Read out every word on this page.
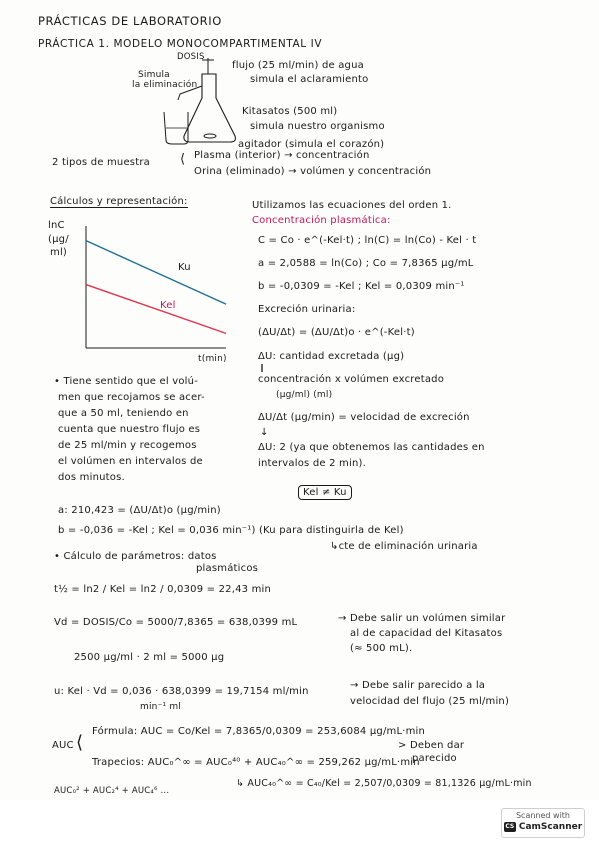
PRÁCTICAS DE LABORATORIO
PRÁCTICA 1. MODELO MONOCOMPARTIMENTAL IV
DOSIS
Simula
la eliminación
flujo (25 ml/min) de agua
simula el aclaramiento
Kitasatos (500 ml)
simula nuestro organismo
agitador (simula el corazón)
2 tipos de muestra ⟨ Plasma (interior) → concentración
Orina (eliminado) → volúmen y concentración
Cálculos y representación:
lnC
(µg/
ml)
Ku
Kel
t(min)
Utilizamos las ecuaciones del orden 1.
Concentración plasmática:
C = Co · e^(-Kel·t) ; ln(C) = ln(Co) - Kel · t
a = 2,0588 = ln(Co) ; Co = 7,8365 µg/mL
b = -0,0309 = -Kel ; Kel = 0,0309 min⁻¹
Excreción urinaria:
(ΔU/Δt) = (ΔU/Δt)o · e^(-Kel·t)
ΔU: cantidad excretada (µg)
‖
concentración x volúmen excretado
(µg/ml) (ml)
ΔU/Δt (µg/min) = velocidad de excreción
↓
ΔU: 2 (ya que obtenemos las cantidades en
intervalos de 2 min).
• Tiene sentido que el volú-
men que recojamos se acer-
que a 50 ml, teniendo en
cuenta que nuestro flujo es
de 25 ml/min y recogemos
el volúmen en intervalos de
dos minutos.
Kel ≠ Ku
a: 210,423 = (ΔU/Δt)o (µg/min)
b = -0,036 = -Kel ; Kel = 0,036 min⁻¹) (Ku para distinguirla de Kel)
↳cte de eliminación urinaria
• Cálculo de parámetros: datos
plasmáticos
t½ = ln2 / Kel = ln2 / 0,0309 = 22,43 min
Vd = DOSIS/Co = 5000/7,8365 = 638,0399 mL	→ Debe salir un volúmen similar
al de capacidad del Kitasatos
(≈ 500 mL).
2500 µg/ml · 2 ml = 5000 µg
u: Kel · Vd = 0,036 · 638,0399 = 19,7154 ml/min
min⁻¹ ml
→ Debe salir parecido a la
velocidad del flujo (25 ml/min)
AUC ⟨
Fórmula: AUC = Co/Kel = 7,8365/0,0309 = 253,6084 µg/mL·min
> Deben dar
parecido
Trapecios: AUC₀^∞ = AUC₀⁴⁰ + AUC₄₀^∞ = 259,262 µg/mL·min
↳ AUC₄₀^∞ = C₄₀/Kel = 2,507/0,0309 = 81,1326 µg/mL·min
AUC₀² + AUC₂⁴ + AUC₄⁶ ...
Scanned with
CS CamScanner
